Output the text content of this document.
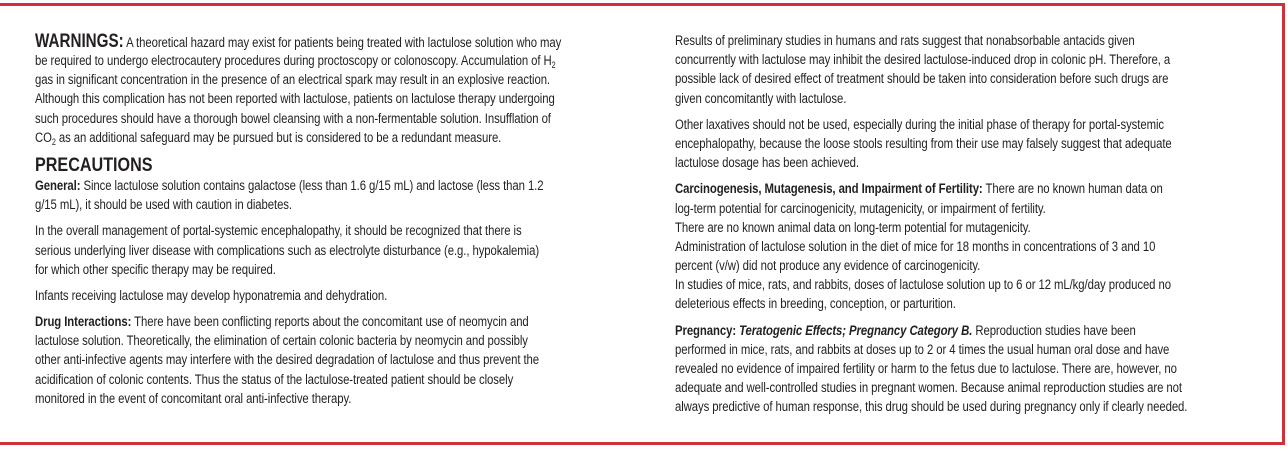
WARNINGS: A theoretical hazard may exist for patients being treated with lactulose solution who may
be required to undergo electrocautery procedures during proctoscopy or colonoscopy. Accumulation of $H_2$
gas in significant concentration in the presence of an electrical spark may result in an explosive reaction.
Although this complication has not been reported with lactulose, patients on lactulose therapy undergoing
such procedures should have a thorough bowel cleansing with a non-fermentable solution. Insufflation of
$CO_2$ as an additional safeguard may be pursued but is considered to be a redundant measure.
PRECAUTIONS
General: Since lactulose solution contains galactose (less than 1.6 g/15 mL) and lactose (less than 1.2
g/15 mL), it should be used with caution in diabetes.
In the overall management of portal-systemic encephalopathy, it should be recognized that there is
serious underlying liver disease with complications such as electrolyte disturbance (e.g., hypokalemia)
for which other specific therapy may be required.
Infants receiving lactulose may develop hyponatremia and dehydration.
Drug Interactions: There have been conflicting reports about the concomitant use of neomycin and
lactulose solution. Theoretically, the elimination of certain colonic bacteria by neomycin and possibly
other anti-infective agents may interfere with the desired degradation of lactulose and thus prevent the
acidification of colonic contents. Thus the status of the lactulose-treated patient should be closely
monitored in the event of concomitant oral anti-infective therapy.
Results of preliminary studies in humans and rats suggest that nonabsorbable antacids given
concurrently with lactulose may inhibit the desired lactulose-induced drop in colonic pH. Therefore, a
possible lack of desired effect of treatment should be taken into consideration before such drugs are
given concomitantly with lactulose.
Other laxatives should not be used, especially during the initial phase of therapy for portal-systemic
encephalopathy, because the loose stools resulting from their use may falsely suggest that adequate
lactulose dosage has been achieved.
Carcinogenesis, Mutagenesis, and Impairment of Fertility: There are no known human data on
log-term potential for carcinogenicity, mutagenicity, or impairment of fertility.
There are no known animal data on long-term potential for mutagenicity.
Administration of lactulose solution in the diet of mice for 18 months in concentrations of 3 and 10
percent (v/w) did not produce any evidence of carcinogenicity.
In studies of mice, rats, and rabbits, doses of lactulose solution up to 6 or 12 mL/kg/day produced no
deleterious effects in breeding, conception, or parturition.
Pregnancy: Teratogenic Effects; Pregnancy Category B. Reproduction studies have been
performed in mice, rats, and rabbits at doses up to 2 or 4 times the usual human oral dose and have
revealed no evidence of impaired fertility or harm to the fetus due to lactulose. There are, however, no
adequate and well-controlled studies in pregnant women. Because animal reproduction studies are not
always predictive of human response, this drug should be used during pregnancy only if clearly needed.
